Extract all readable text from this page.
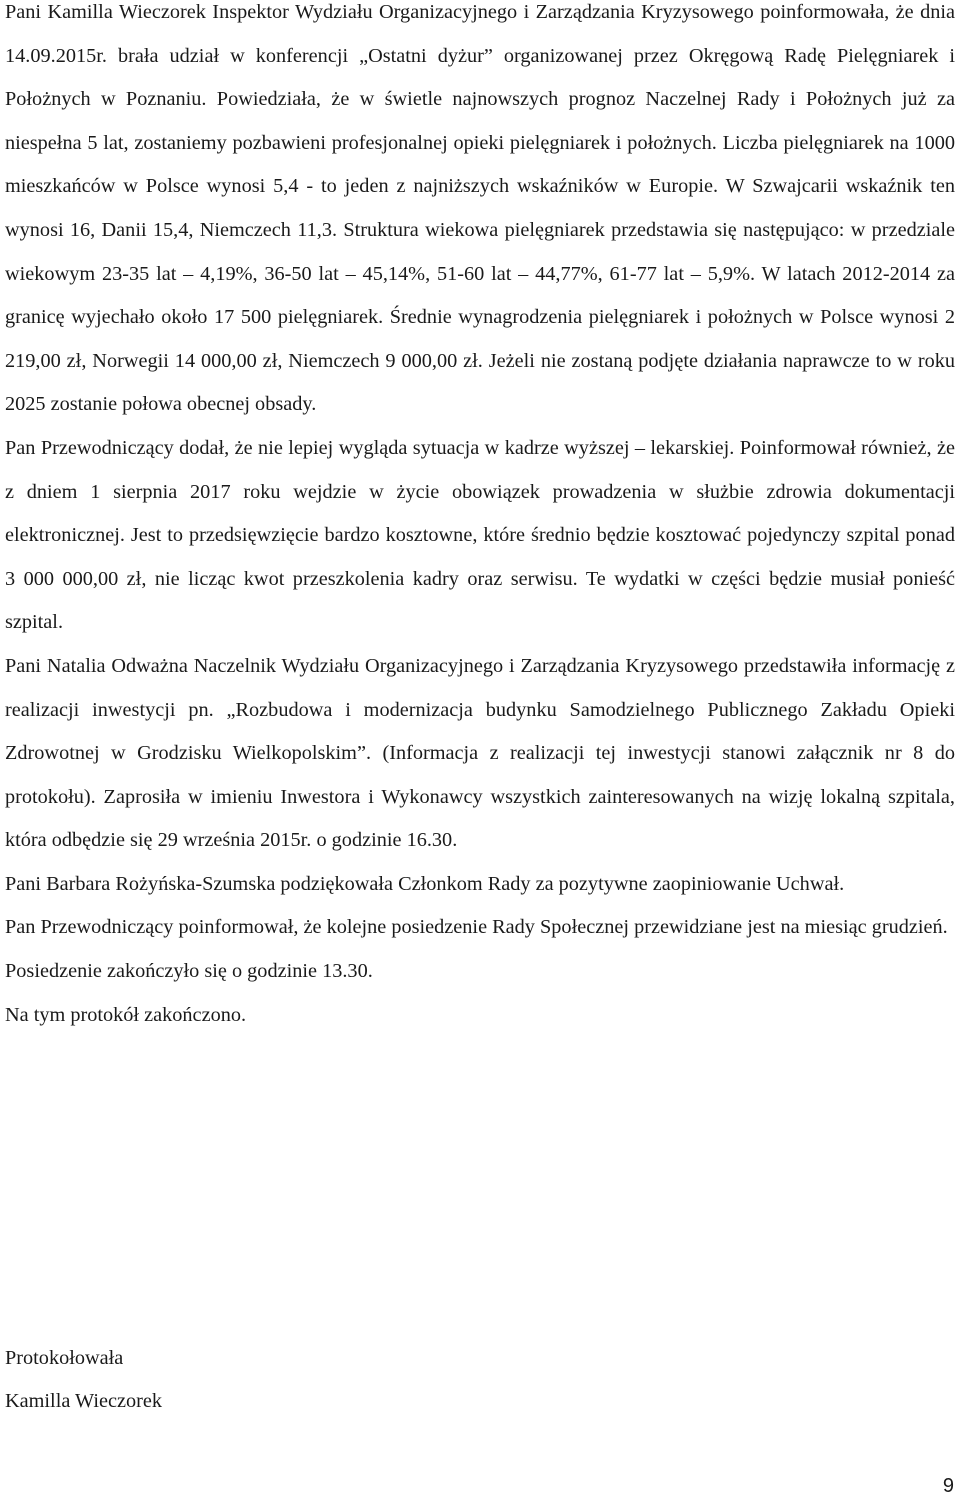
Pani Kamilla Wieczorek Inspektor Wydziału Organizacyjnego i Zarządzania Kryzysowego poinformowała, że dnia 14.09.2015r. brała udział w konferencji „Ostatni dyżur” organizowanej przez Okręgową Radę Pielęgniarek i Położnych w Poznaniu. Powiedziała, że w świetle najnowszych prognoz Naczelnej Rady i Położnych już za niespełna 5 lat, zostaniemy pozbawieni profesjonalnej opieki pielęgniarek i położnych. Liczba pielęgniarek na 1000 mieszkańców w Polsce wynosi 5,4 - to jeden z najniższych wskaźników w Europie. W Szwajcarii wskaźnik ten wynosi 16, Danii 15,4, Niemczech 11,3. Struktura wiekowa pielęgniarek przedstawia się następująco: w przedziale wiekowym 23-35 lat – 4,19%, 36-50 lat – 45,14%, 51-60 lat – 44,77%, 61-77 lat – 5,9%. W latach 2012-2014 za granicę wyjechało około 17 500 pielęgniarek. Średnie wynagrodzenia pielęgniarek i położnych w Polsce wynosi 2 219,00 zł, Norwegii 14 000,00 zł, Niemczech 9 000,00 zł. Jeżeli nie zostaną podjęte działania naprawcze to w roku 2025 zostanie połowa obecnej obsady.

Pan Przewodniczący dodał, że nie lepiej wygląda sytuacja w kadrze wyższej – lekarskiej. Poinformował również, że z dniem 1 sierpnia 2017 roku wejdzie w życie obowiązek prowadzenia w służbie zdrowia dokumentacji elektronicznej. Jest to przedsięwzięcie bardzo kosztowne, które średnio będzie kosztować pojedynczy szpital ponad 3 000 000,00 zł, nie licząc kwot przeszkolenia kadry oraz serwisu. Te wydatki w części będzie musiał ponieść szpital.

Pani Natalia Odważna Naczelnik Wydziału Organizacyjnego i Zarządzania Kryzysowego przedstawiła informację z realizacji inwestycji pn. „Rozbudowa i modernizacja budynku Samodzielnego Publicznego Zakładu Opieki Zdrowotnej w Grodzisku Wielkopolskim”. (Informacja z realizacji tej inwestycji stanowi załącznik nr 8 do protokołu). Zaprosiła w imieniu Inwestora i Wykonawcy wszystkich zainteresowanych na wizję lokalną szpitala, która odbędzie się 29 września 2015r. o godzinie 16.30.

Pani Barbara Rożyńska-Szumska podziękowała Członkom Rady za pozytywne zaopiniowanie Uchwał.

Pan Przewodniczący poinformował, że kolejne posiedzenie Rady Społecznej przewidziane jest na miesiąc grudzień.

Posiedzenie zakończyło się o godzinie 13.30.

Na tym protokół zakończono.

Protokołowała
Kamilla Wieczorek
9
